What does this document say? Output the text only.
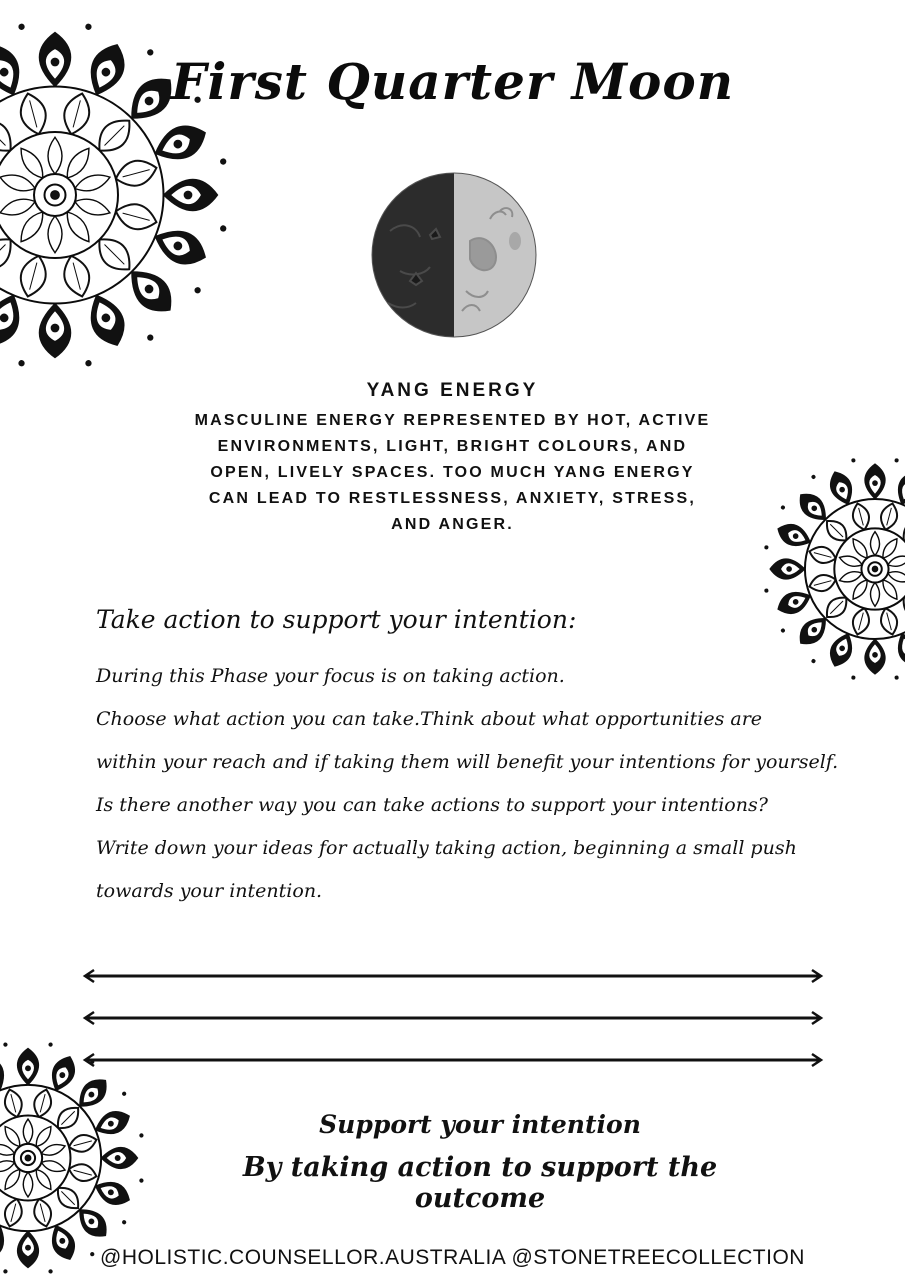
First Quarter Moon
YANG ENERGY
MASCULINE ENERGY REPRESENTED BY HOT, ACTIVE
ENVIRONMENTS, LIGHT, BRIGHT COLOURS, AND
OPEN, LIVELY SPACES. TOO MUCH YANG ENERGY
CAN LEAD TO RESTLESSNESS, ANXIETY, STRESS,
AND ANGER.
Take action to support your intention:
During this Phase your focus is on taking action.
Choose what action you can take.Think about what opportunities are
within your reach and if taking them will benefit your intentions for yourself.
Is there another way you can take actions to support your intentions?
Write down your ideas for actually taking action, beginning a small push
towards your intention.
Support your intention
By taking action to support the outcome
@HOLISTIC.COUNSELLOR.AUSTRALIA @STONETREECOLLECTION
